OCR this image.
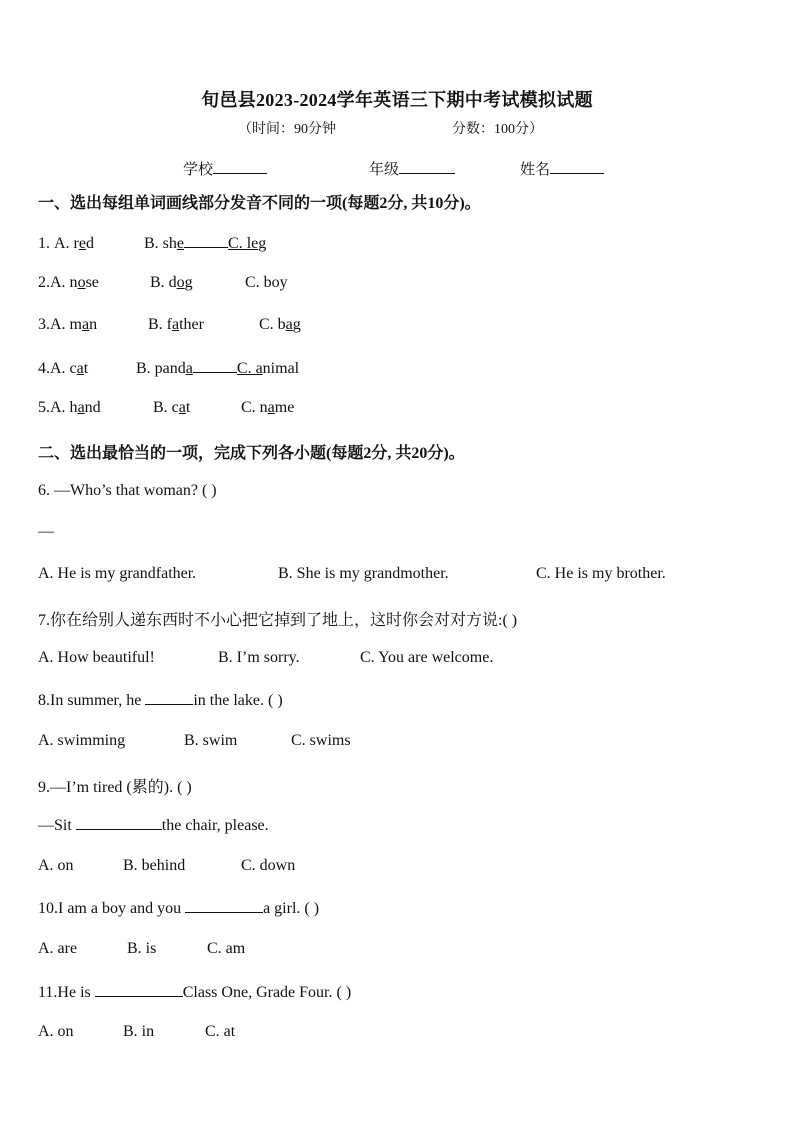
旬邑县2023-2024学年英语三下期中考试模拟试题
（时间：90分钟	分数：100分）
学校	年级	姓名
一、选出每组单词画线部分发音不同的一项(每题2分, 共10分)。
1. A. red	B. she	C. leg
2.A. nose	B. dog	C. boy
3.A. man	B. father	C. bag
4.A. cat	B. panda	C. animal
5.A. hand	B. cat	C. name
二、选出最恰当的一项，完成下列各小题(每题2分, 共20分)。
6. —Who’s that woman? ( )
—
A. He is my grandfather.	B. She is my grandmother.	C. He is my brother.
7.你在给别人递东西时不小心把它掉到了地上，这时你会对对方说:( )
A. How beautiful!	B. I’m sorry.	C. You are welcome.
8.In summer, he	in the lake. ( )
A. swimming	B. swim	C. swims
9.—I’m tired (累的). ( )
—Sit	the chair, please.
A. on	B. behind	C. down
10.I am a boy and you	a girl. ( )
A. are	B. is	C. am
11.He is	Class One, Grade Four. ( )
A. on	B. in	C. at
